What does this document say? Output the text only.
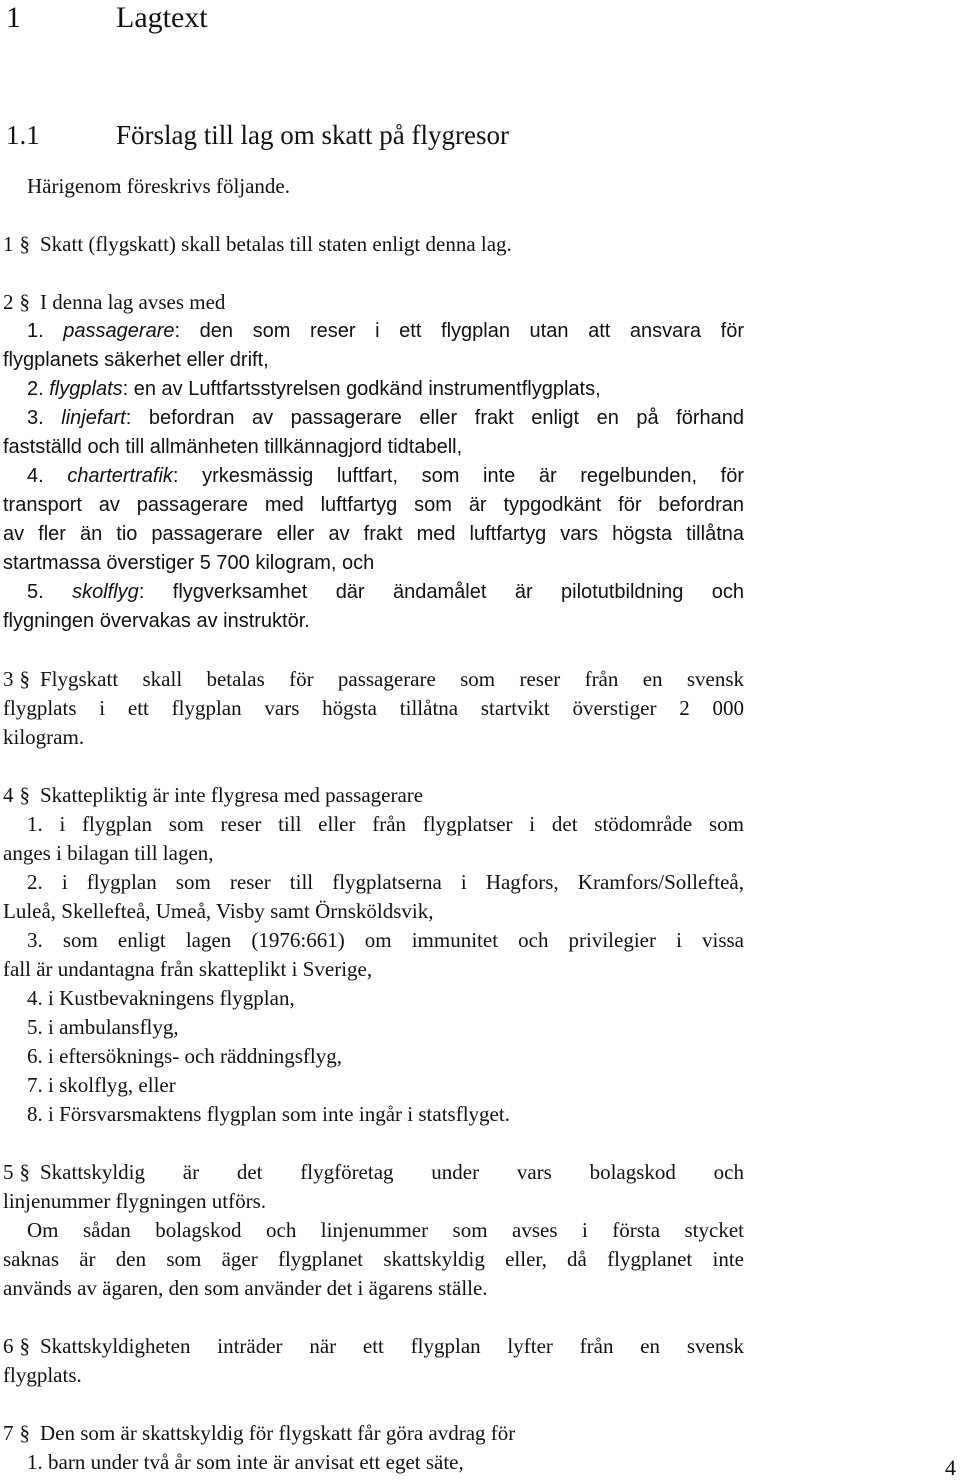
1	Lagtext
1.1	Förslag till lag om skatt på flygresor
Härigenom föreskrivs följande.
1 § Skatt (flygskatt) skall betalas till staten enligt denna lag.
2 § I denna lag avses med
1. passagerare: den som reser i ett flygplan utan att ansvara för
flygplanets säkerhet eller drift,
2. flygplats: en av Luftfartsstyrelsen godkänd instrumentflygplats,
3. linjefart: befordran av passagerare eller frakt enligt en på förhand
fastställd och till allmänheten tillkännagjord tidtabell,
4. chartertrafik: yrkesmässig luftfart, som inte är regelbunden, för
transport av passagerare med luftfartyg som är typgodkänt för befordran
av fler än tio passagerare eller av frakt med luftfartyg vars högsta tillåtna
startmassa överstiger 5 700 kilogram, och
5. skolflyg: flygverksamhet där ändamålet är pilotutbildning och
flygningen övervakas av instruktör.
3 § Flygskatt skall betalas för passagerare som reser från en svensk
flygplats i ett flygplan vars högsta tillåtna startvikt överstiger 2 000
kilogram.
4 § Skattepliktig är inte flygresa med passagerare
1. i flygplan som reser till eller från flygplatser i det stödområde som
anges i bilagan till lagen,
2. i flygplan som reser till flygplatserna i Hagfors, Kramfors/Sollefteå,
Luleå, Skellefteå, Umeå, Visby samt Örnsköldsvik,
3. som enligt lagen (1976:661) om immunitet och privilegier i vissa
fall är undantagna från skatteplikt i Sverige,
4. i Kustbevakningens flygplan,
5. i ambulansflyg,
6. i eftersöknings- och räddningsflyg,
7. i skolflyg, eller
8. i Försvarsmaktens flygplan som inte ingår i statsflyget.
5 § Skattskyldig är det flygföretag under vars bolagskod och
linjenummer flygningen utförs.
Om sådan bolagskod och linjenummer som avses i första stycket
saknas är den som äger flygplanet skattskyldig eller, då flygplanet inte
används av ägaren, den som använder det i ägarens ställe.
6 § Skattskyldigheten inträder när ett flygplan lyfter från en svensk
flygplats.
7 § Den som är skattskyldig för flygskatt får göra avdrag för
1. barn under två år som inte är anvisat ett eget säte,	4
